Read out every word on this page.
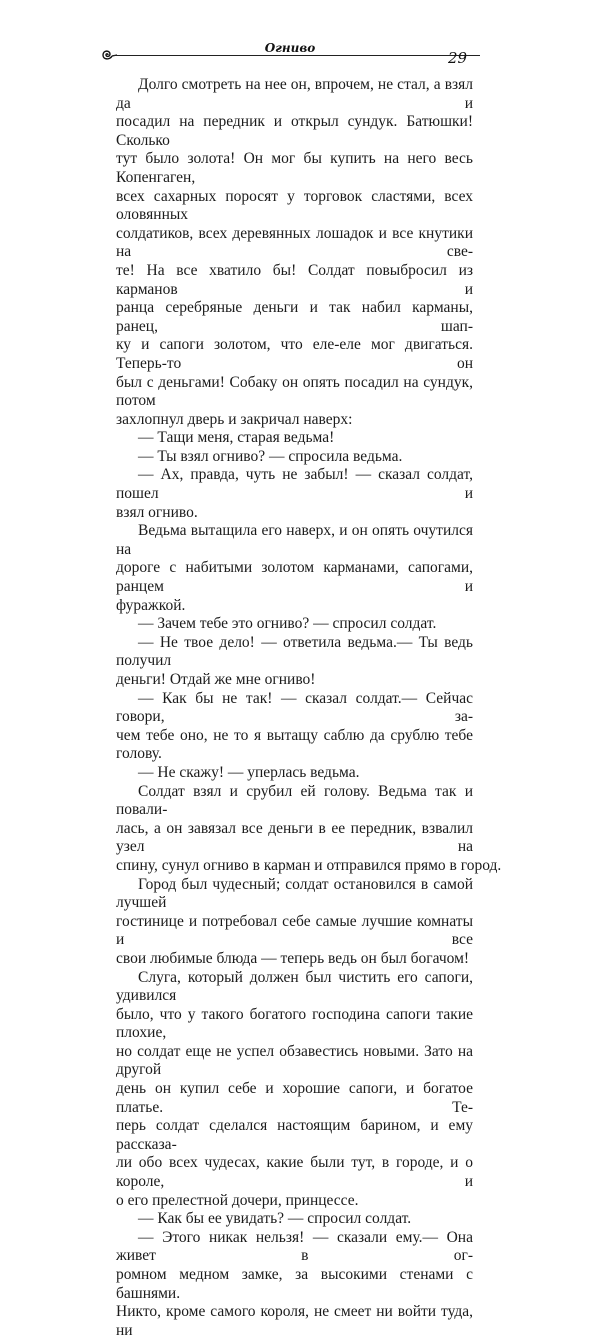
Огниво
29
Долго смотреть на нее он, впрочем, не стал, а взял да и
посадил на передник и открыл сундук. Батюшки! Сколько
тут было золота! Он мог бы купить на него весь Копенгаген,
всех сахарных поросят у торговок сластями, всех оловянных
солдатиков, всех деревянных лошадок и все кнутики на све-
те! На все хватило бы! Солдат повыбросил из карманов и
ранца серебряные деньги и так набил карманы, ранец, шап-
ку и сапоги золотом, что еле-еле мог двигаться. Теперь-то он
был с деньгами! Собаку он опять посадил на сундук, потом
захлопнул дверь и закричал наверх:
— Тащи меня, старая ведьма!
— Ты взял огниво? — спросила ведьма.
— Ах, правда, чуть не забыл! — сказал солдат, пошел и
взял огниво.
Ведьма вытащила его наверх, и он опять очутился на
дороге с набитыми золотом карманами, сапогами, ранцем и
фуражкой.
— Зачем тебе это огниво? — спросил солдат.
— Не твое дело! — ответила ведьма.— Ты ведь получил
деньги! Отдай же мне огниво!
— Как бы не так! — сказал солдат.— Сейчас говори, за-
чем тебе оно, не то я вытащу саблю да срублю тебе голову.
— Не скажу! — уперлась ведьма.
Солдат взял и срубил ей голову. Ведьма так и повали-
лась, а он завязал все деньги в ее передник, взвалил узел на
спину, сунул огниво в карман и отправился прямо в город.
Город был чудесный; солдат остановился в самой лучшей
гостинице и потребовал себе самые лучшие комнаты и все
свои любимые блюда — теперь ведь он был богачом!
Слуга, который должен был чистить его сапоги, удивился
было, что у такого богатого господина сапоги такие плохие,
но солдат еще не успел обзавестись новыми. Зато на другой
день он купил себе и хорошие сапоги, и богатое платье. Те-
перь солдат сделался настоящим барином, и ему рассказа-
ли обо всех чудесах, какие были тут, в городе, и о короле, и
о его прелестной дочери, принцессе.
— Как бы ее увидать? — спросил солдат.
— Этого никак нельзя! — сказали ему.— Она живет в ог-
ромном медном замке, за высокими стенами с башнями.
Никто, кроме самого короля, не смеет ни войти туда, ни
